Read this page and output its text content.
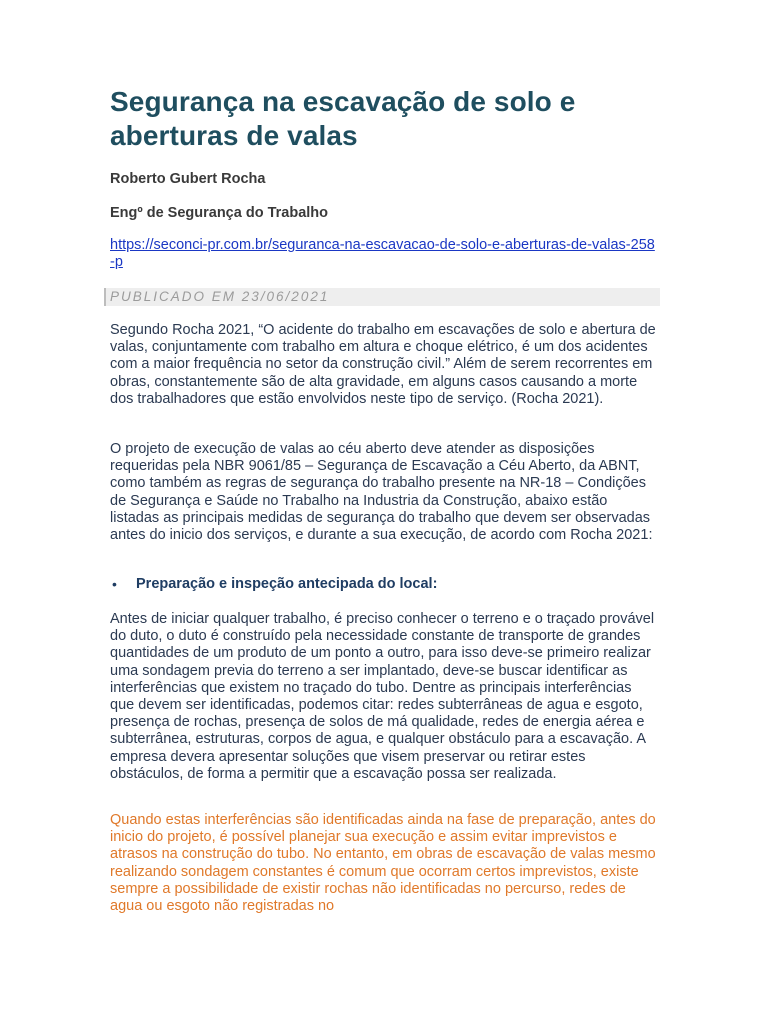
Segurança na escavação de solo e aberturas de valas

Roberto Gubert Rocha

Engº de Segurança do Trabalho

https://seconci-pr.com.br/seguranca-na-escavacao-de-solo-e-aberturas-de-valas-258-p
PUBLICADO EM 23/06/2021

Segundo Rocha 2021, “O acidente do trabalho em escavações de solo e abertura de valas, conjuntamente com trabalho em altura e choque elétrico, é um dos acidentes com a maior frequência no setor da construção civil.” Além de serem recorrentes em obras, constantemente são de alta gravidade, em alguns casos causando a morte dos trabalhadores que estão envolvidos neste tipo de serviço. (Rocha 2021).

O projeto de execução de valas ao céu aberto deve atender as disposições requeridas pela NBR 9061/85 – Segurança de Escavação a Céu Aberto, da ABNT, como também as regras de segurança do trabalho presente na NR-18 – Condições de Segurança e Saúde no Trabalho na Industria da Construção, abaixo estão listadas as principais medidas de segurança do trabalho que devem ser observadas antes do inicio dos serviços, e durante a sua execução, de acordo com Rocha 2021:

• Preparação e inspeção antecipada do local:

Antes de iniciar qualquer trabalho, é preciso conhecer o terreno e o traçado provável do duto, o duto é construído pela necessidade constante de transporte de grandes quantidades de um produto de um ponto a outro, para isso deve-se primeiro realizar uma sondagem previa do terreno a ser implantado, deve-se buscar identificar as interferências que existem no traçado do tubo. Dentre as principais interferências que devem ser identificadas, podemos citar: redes subterrâneas de agua e esgoto, presença de rochas, presença de solos de má qualidade, redes de energia aérea e subterrânea, estruturas, corpos de agua, e qualquer obstáculo para a escavação. A empresa devera apresentar soluções que visem preservar ou retirar estes obstáculos, de forma a permitir que a escavação possa ser realizada.

Quando estas interferências são identificadas ainda na fase de preparação, antes do inicio do projeto, é possível planejar sua execução e assim evitar imprevistos e atrasos na construção do tubo. No entanto, em obras de escavação de valas mesmo realizando sondagem constantes é comum que ocorram certos imprevistos, existe sempre a possibilidade de existir rochas não identificadas no percurso, redes de agua ou esgoto não registradas no
